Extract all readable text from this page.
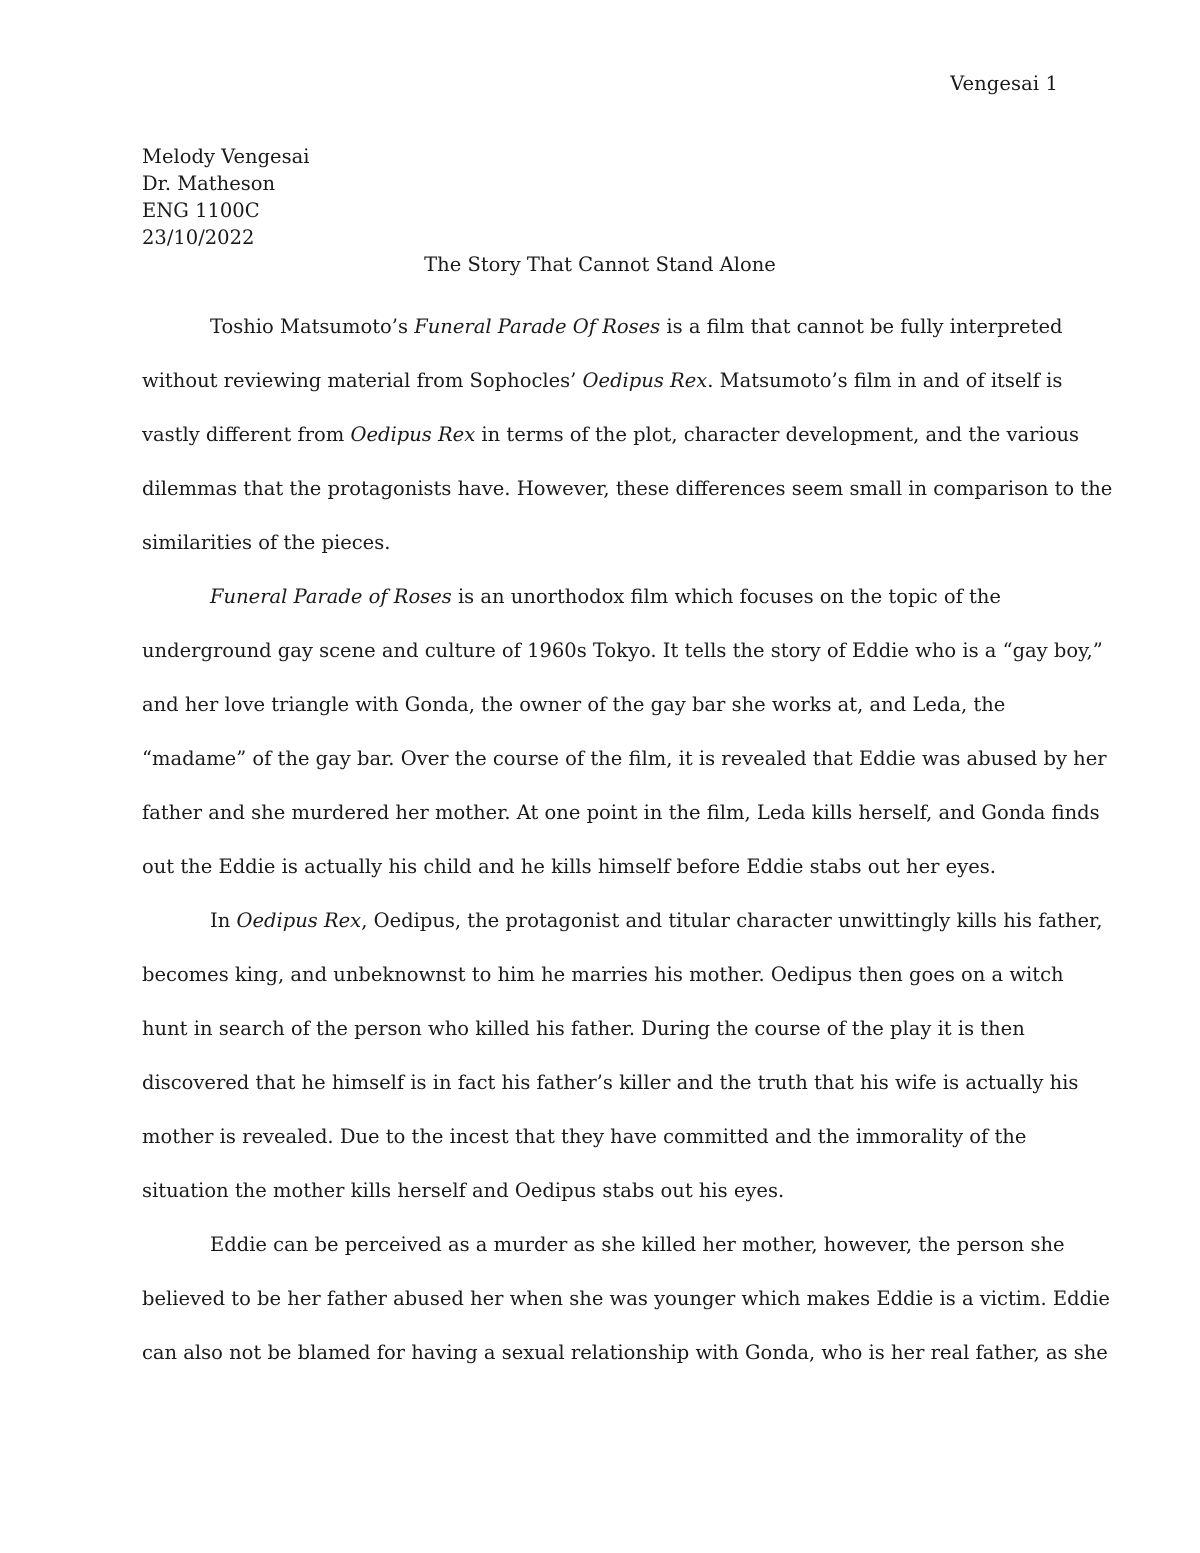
Vengesai 1
Melody Vengesai
Dr. Matheson
ENG 1100C
23/10/2022
The Story That Cannot Stand Alone
Toshio Matsumoto’s Funeral Parade Of Roses is a film that cannot be fully interpreted
without reviewing material from Sophocles’ Oedipus Rex. Matsumoto’s film in and of itself is
vastly different from Oedipus Rex in terms of the plot, character development, and the various
dilemmas that the protagonists have. However, these differences seem small in comparison to the
similarities of the pieces.
Funeral Parade of Roses is an unorthodox film which focuses on the topic of the
underground gay scene and culture of 1960s Tokyo. It tells the story of Eddie who is a “gay boy,”
and her love triangle with Gonda, the owner of the gay bar she works at, and Leda, the
“madame” of the gay bar. Over the course of the film, it is revealed that Eddie was abused by her
father and she murdered her mother. At one point in the film, Leda kills herself, and Gonda finds
out the Eddie is actually his child and he kills himself before Eddie stabs out her eyes.
In Oedipus Rex, Oedipus, the protagonist and titular character unwittingly kills his father,
becomes king, and unbeknownst to him he marries his mother. Oedipus then goes on a witch
hunt in search of the person who killed his father. During the course of the play it is then
discovered that he himself is in fact his father’s killer and the truth that his wife is actually his
mother is revealed. Due to the incest that they have committed and the immorality of the
situation the mother kills herself and Oedipus stabs out his eyes.
Eddie can be perceived as a murder as she killed her mother, however, the person she
believed to be her father abused her when she was younger which makes Eddie is a victim. Eddie
can also not be blamed for having a sexual relationship with Gonda, who is her real father, as she
